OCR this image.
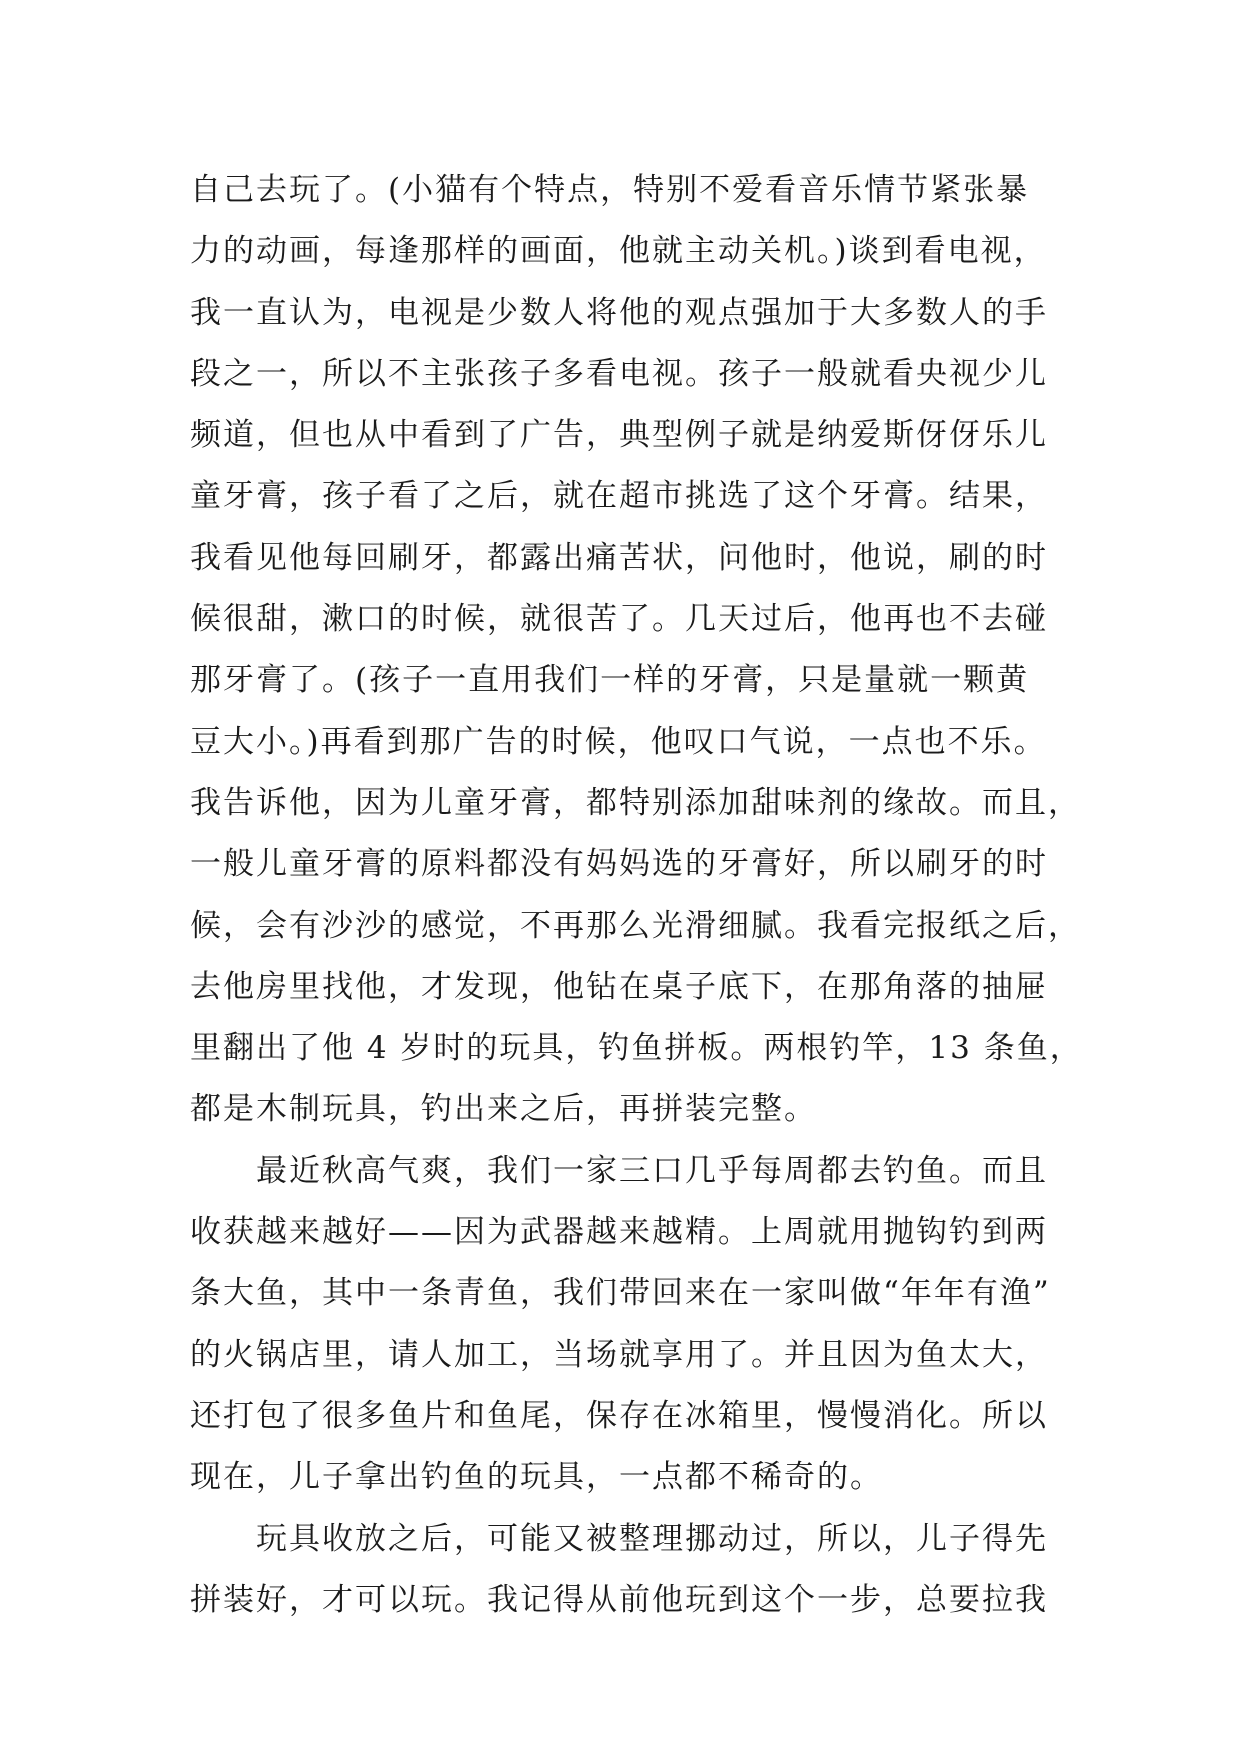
自己去玩了。(小猫有个特点，特别不爱看音乐情节紧张暴
力的动画，每逢那样的画面，他就主动关机。)谈到看电视，
我一直认为，电视是少数人将他的观点强加于大多数人的手
段之一，所以不主张孩子多看电视。孩子一般就看央视少儿
频道，但也从中看到了广告，典型例子就是纳爱斯伢伢乐儿
童牙膏，孩子看了之后，就在超市挑选了这个牙膏。结果，
我看见他每回刷牙，都露出痛苦状，问他时，他说，刷的时
候很甜，漱口的时候，就很苦了。几天过后，他再也不去碰
那牙膏了。(孩子一直用我们一样的牙膏，只是量就一颗黄
豆大小。)再看到那广告的时候，他叹口气说，一点也不乐。
我告诉他，因为儿童牙膏，都特别添加甜味剂的缘故。而且，
一般儿童牙膏的原料都没有妈妈选的牙膏好，所以刷牙的时
候，会有沙沙的感觉，不再那么光滑细腻。我看完报纸之后，
去他房里找他，才发现，他钻在桌子底下，在那角落的抽屉
里翻出了他 4 岁时的玩具，钓鱼拼板。两根钓竿，13 条鱼，
都是木制玩具，钓出来之后，再拼装完整。
最近秋高气爽，我们一家三口几乎每周都去钓鱼。而且
收获越来越好——因为武器越来越精。上周就用抛钩钓到两
条大鱼，其中一条青鱼，我们带回来在一家叫做“年年有渔”
的火锅店里，请人加工，当场就享用了。并且因为鱼太大，
还打包了很多鱼片和鱼尾，保存在冰箱里，慢慢消化。所以
现在，儿子拿出钓鱼的玩具，一点都不稀奇的。
玩具收放之后，可能又被整理挪动过，所以，儿子得先
拼装好，才可以玩。我记得从前他玩到这个一步，总要拉我
